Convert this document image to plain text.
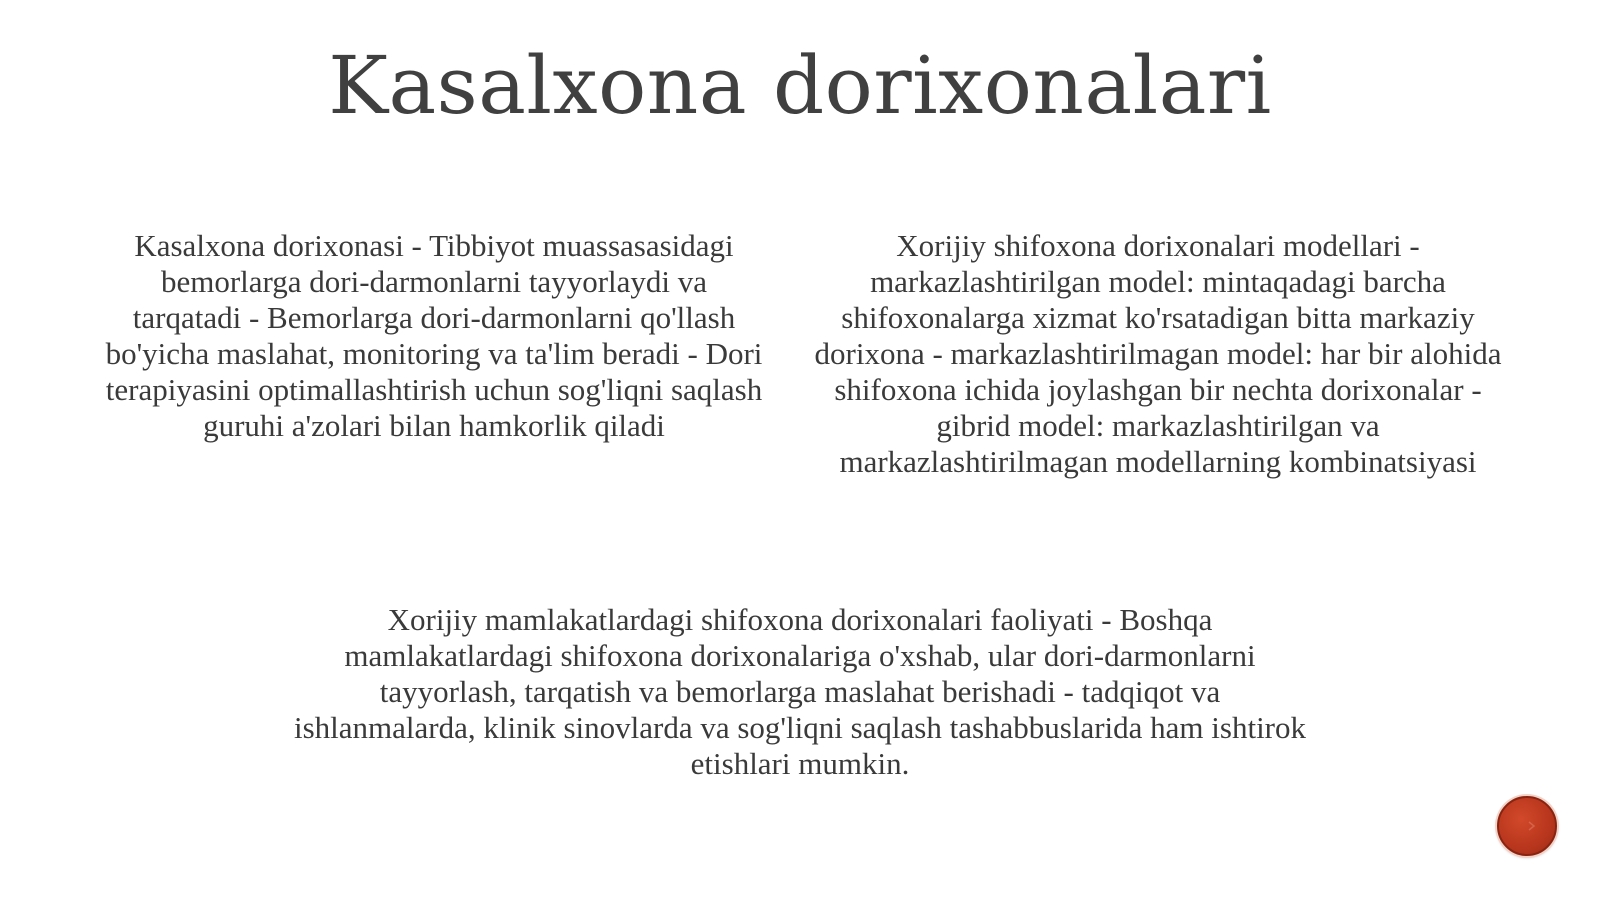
Kasalxona dorixonalari

Kasalxona dorixonasi - Tibbiyot muassasasidagi bemorlarga dori-darmonlarni tayyorlaydi va tarqatadi - Bemorlarga dori-darmonlarni qo'llash bo'yicha maslahat, monitoring va ta'lim beradi - Dori terapiyasini optimallashtirish uchun sog'liqni saqlash guruhi a'zolari bilan hamkorlik qiladi

Xorijiy shifoxona dorixonalari modellari - markazlashtirilgan model: mintaqadagi barcha shifoxonalarga xizmat ko'rsatadigan bitta markaziy dorixona - markazlashtirilmagan model: har bir alohida shifoxona ichida joylashgan bir nechta dorixonalar - gibrid model: markazlashtirilgan va markazlashtirilmagan modellarning kombinatsiyasi

Xorijiy mamlakatlardagi shifoxona dorixonalari faoliyati - Boshqa mamlakatlardagi shifoxona dorixonalariga o'xshab, ular dori-darmonlarni tayyorlash, tarqatish va bemorlarga maslahat berishadi - tadqiqot va ishlanmalarda, klinik sinovlarda va sog'liqni saqlash tashabbuslarida ham ishtirok etishlari mumkin.
